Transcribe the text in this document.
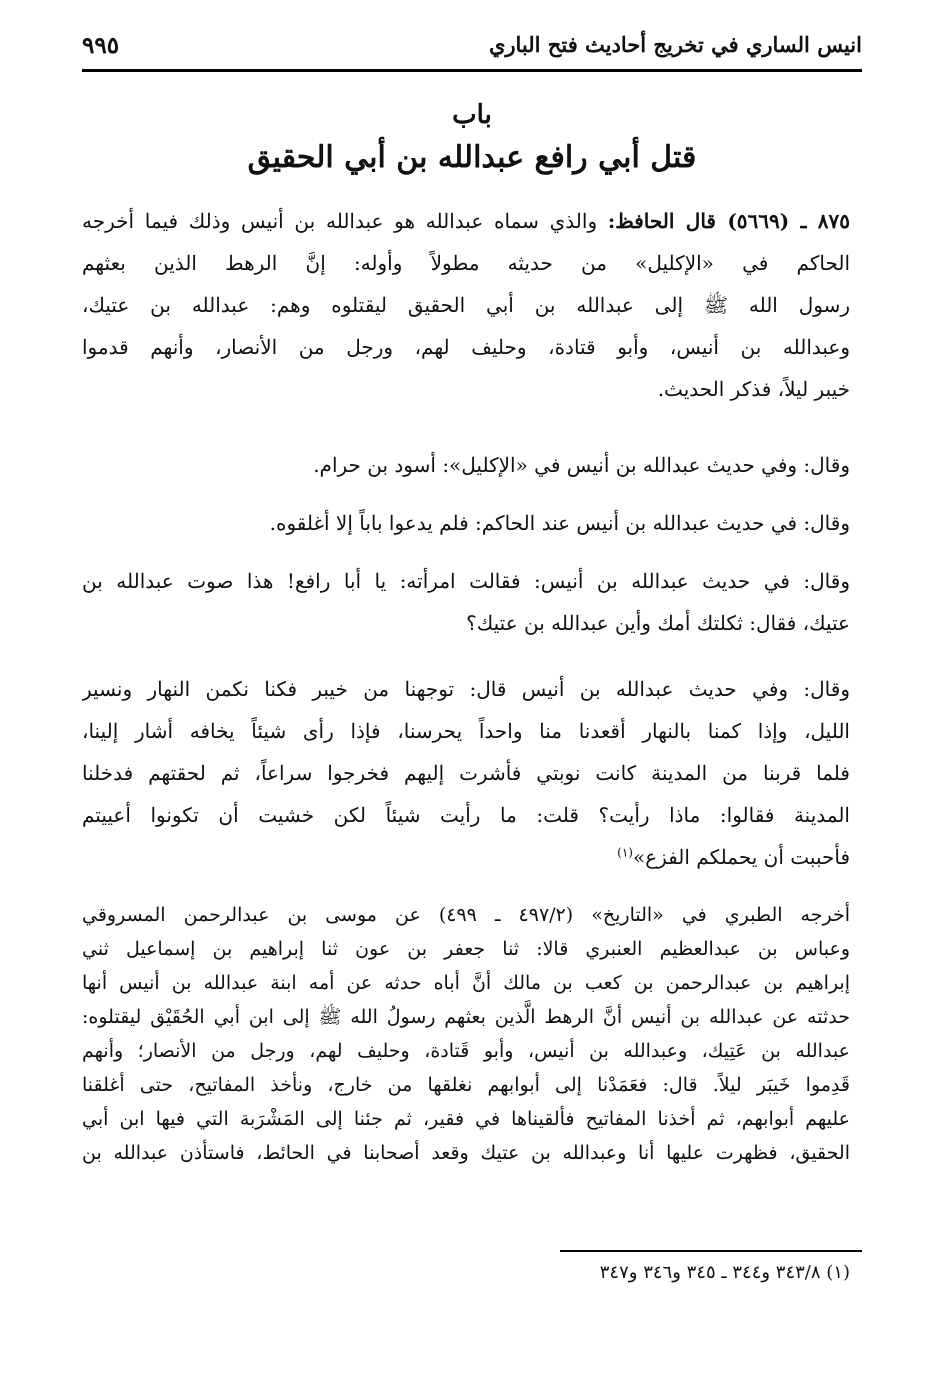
انيس الساري في تخريج أحاديث فتح الباري
٩٩٥
باب
قتل أبي رافع عبدالله بن أبي الحقيق
٨٧٥ ـ (٥٦٦٩) قال الحافظ: والذي سماه عبدالله هو عبدالله بن أنيس وذلك فيما أخرجه
الحاكم في «الإكليل» من حديثه مطولاً وأوله: إنَّ الرهط الذين بعثهم
رسول الله ﷺ إلى عبدالله بن أبي الحقيق ليقتلوه وهم: عبدالله بن عتيك،
وعبدالله بن أنيس، وأبو قتادة، وحليف لهم، ورجل من الأنصار، وأنهم قدموا
خيبر ليلاً، فذكر الحديث.
وقال: وفي حديث عبدالله بن أنيس في «الإكليل»: أسود بن حرام.
وقال: في حديث عبدالله بن أنيس عند الحاكم: فلم يدعوا باباً إلا أغلقوه.
وقال: في حديث عبدالله بن أنيس: فقالت امرأته: يا أبا رافع! هذا صوت عبدالله بن
عتيك، فقال: ثكلتك أمك وأين عبدالله بن عتيك؟
وقال: وفي حديث عبدالله بن أنيس قال: توجهنا من خيبر فكنا نكمن النهار ونسير
الليل، وإذا كمنا بالنهار أقعدنا منا واحداً يحرسنا، فإذا رأى شيئاً يخافه أشار إلينا،
فلما قربنا من المدينة كانت نوبتي فأشرت إليهم فخرجوا سراعاً، ثم لحقتهم فدخلنا
المدينة فقالوا: ماذا رأيت؟ قلت: ما رأيت شيئاً لكن خشيت أن تكونوا أعييتم
فأحببت أن يحملكم الفزع»$^{(١)}$
أخرجه الطبري في «التاريخ» (٤٩٧/٢ ـ ٤٩٩) عن موسى بن عبدالرحمن المسروقي
وعباس بن عبدالعظيم العنبري قالا: ثنا جعفر بن عون ثنا إبراهيم بن إسماعيل ثني
إبراهيم بن عبدالرحمن بن كعب بن مالك أنَّ أباه حدثه عن أمه ابنة عبدالله بن أنيس أنها
حدثته عن عبدالله بن أنيس أنَّ الرهط الَّذين بعثهم رسولُ الله ﷺ إلى ابن أبي الحُقَيْق ليقتلوه:
عبدالله بن عَتِيك، وعبدالله بن أنيس، وأبو قَتادة، وحليف لهم، ورجل من الأنصار؛ وأنهم
قَدِموا خَيبَر ليلاً. قال: فعَمَدْنا إلى أبوابهم نغلقها من خارج، ونأخذ المفاتيح، حتى أغلقنا
عليهم أبوابهم، ثم أخذنا المفاتيح فألقيناها في فقير، ثم جئنا إلى المَشْرَبة التي فيها ابن أبي
الحقيق، فظهرت عليها أنا وعبدالله بن عتيك وقعد أصحابنا في الحائط، فاستأذن عبدالله بن
(١) ٣٤٣/٨ و٣٤٤ ـ ٣٤٥ و٣٤٦ و٣٤٧
